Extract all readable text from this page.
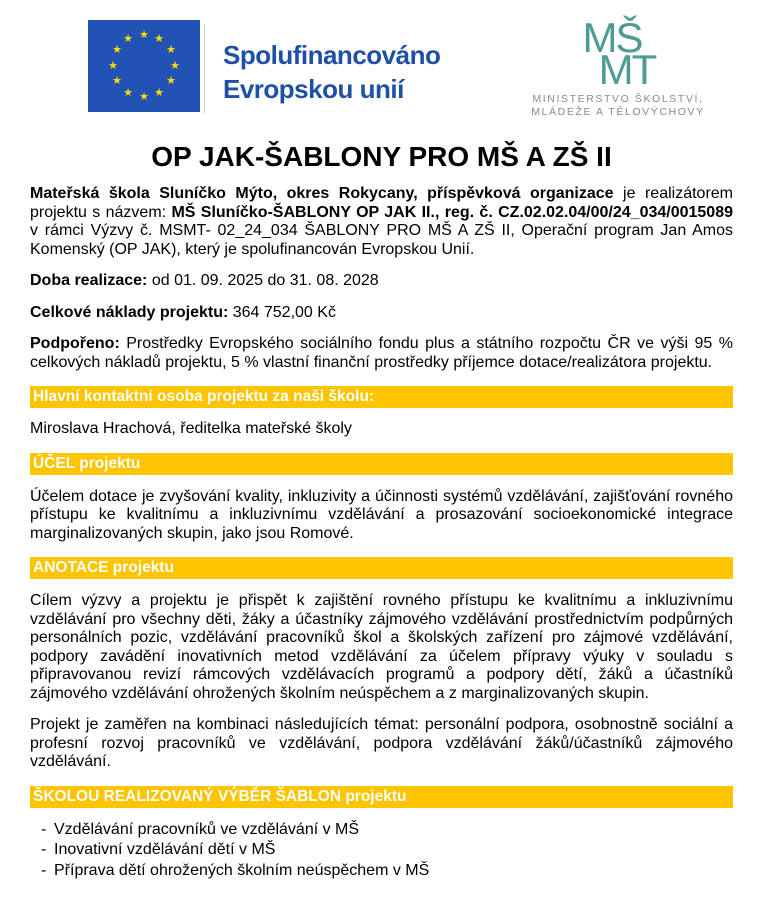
★ ★
★
★
★
★
★
★
★
★
★
★
Spolufinancováno
Evropskou unií
MŠ
MT
MINISTERSTVO ŠKOLSTVÍ,
MLÁDEŽE A TĚLOVÝCHOVY
OP JAK-ŠABLONY PRO MŠ A ZŠ II

Mateřská škola Sluníčko Mýto, okres Rokycany, příspěvková organizace je realizátorem projektu s názvem: MŠ Sluníčko-ŠABLONY OP JAK II., reg. č. CZ.02.02.04/00/24_034/0015089 v rámci Výzvy č. MSMT- 02_24_034 ŠABLONY PRO MŠ A ZŠ II, Operační program Jan Amos Komenský (OP JAK), který je spolufinancován Evropskou Unií.

Doba realizace: od 01. 09. 2025 do 31. 08. 2028

Celkové náklady projektu: 364 752,00 Kč

Podpořeno: Prostředky Evropského sociálního fondu plus a státního rozpočtu ČR ve výši 95 % celkových nákladů projektu, 5 % vlastní finanční prostředky příjemce dotace/realizátora projektu.

Hlavní kontaktní osoba projektu za naši školu:
Miroslava Hrachová, ředitelka mateřské školy
ÚČEL projektu

Účelem dotace je zvyšování kvality, inkluzivity a účinnosti systémů vzdělávání, zajišťování rovného přístupu ke kvalitnímu a inkluzivnímu vzdělávání a prosazování socioekonomické integrace marginalizovaných skupin, jako jsou Romové.

ANOTACE projektu

Cílem výzvy a projektu je přispět k zajištění rovného přístupu ke kvalitnímu a inkluzivnímu vzdělávání pro všechny děti, žáky a účastníky zájmového vzdělávání prostřednictvím podpůrných personálních pozic, vzdělávání pracovníků škol a školských zařízení pro zájmové vzdělávání, podpory zavádění inovativních metod vzdělávání za účelem přípravy výuky v souladu s připravovanou revizí rámcových vzdělávacích programů a podpory dětí, žáků a účastníků zájmového vzdělávání ohrožených školním neúspěchem a z marginalizovaných skupin.

Projekt je zaměřen na kombinaci následujících témat: personální podpora, osobnostně sociální a profesní rozvoj pracovníků ve vzdělávání, podpora vzdělávání žáků/účastníků zájmového vzdělávání.

ŠKOLOU REALIZOVANÝ VÝBĚR ŠABLON projektu
- Vzdělávání pracovníků ve vzdělávání v MŠ
- Inovativní vzdělávání dětí v MŠ
- Příprava dětí ohrožených školním neúspěchem v MŠ
